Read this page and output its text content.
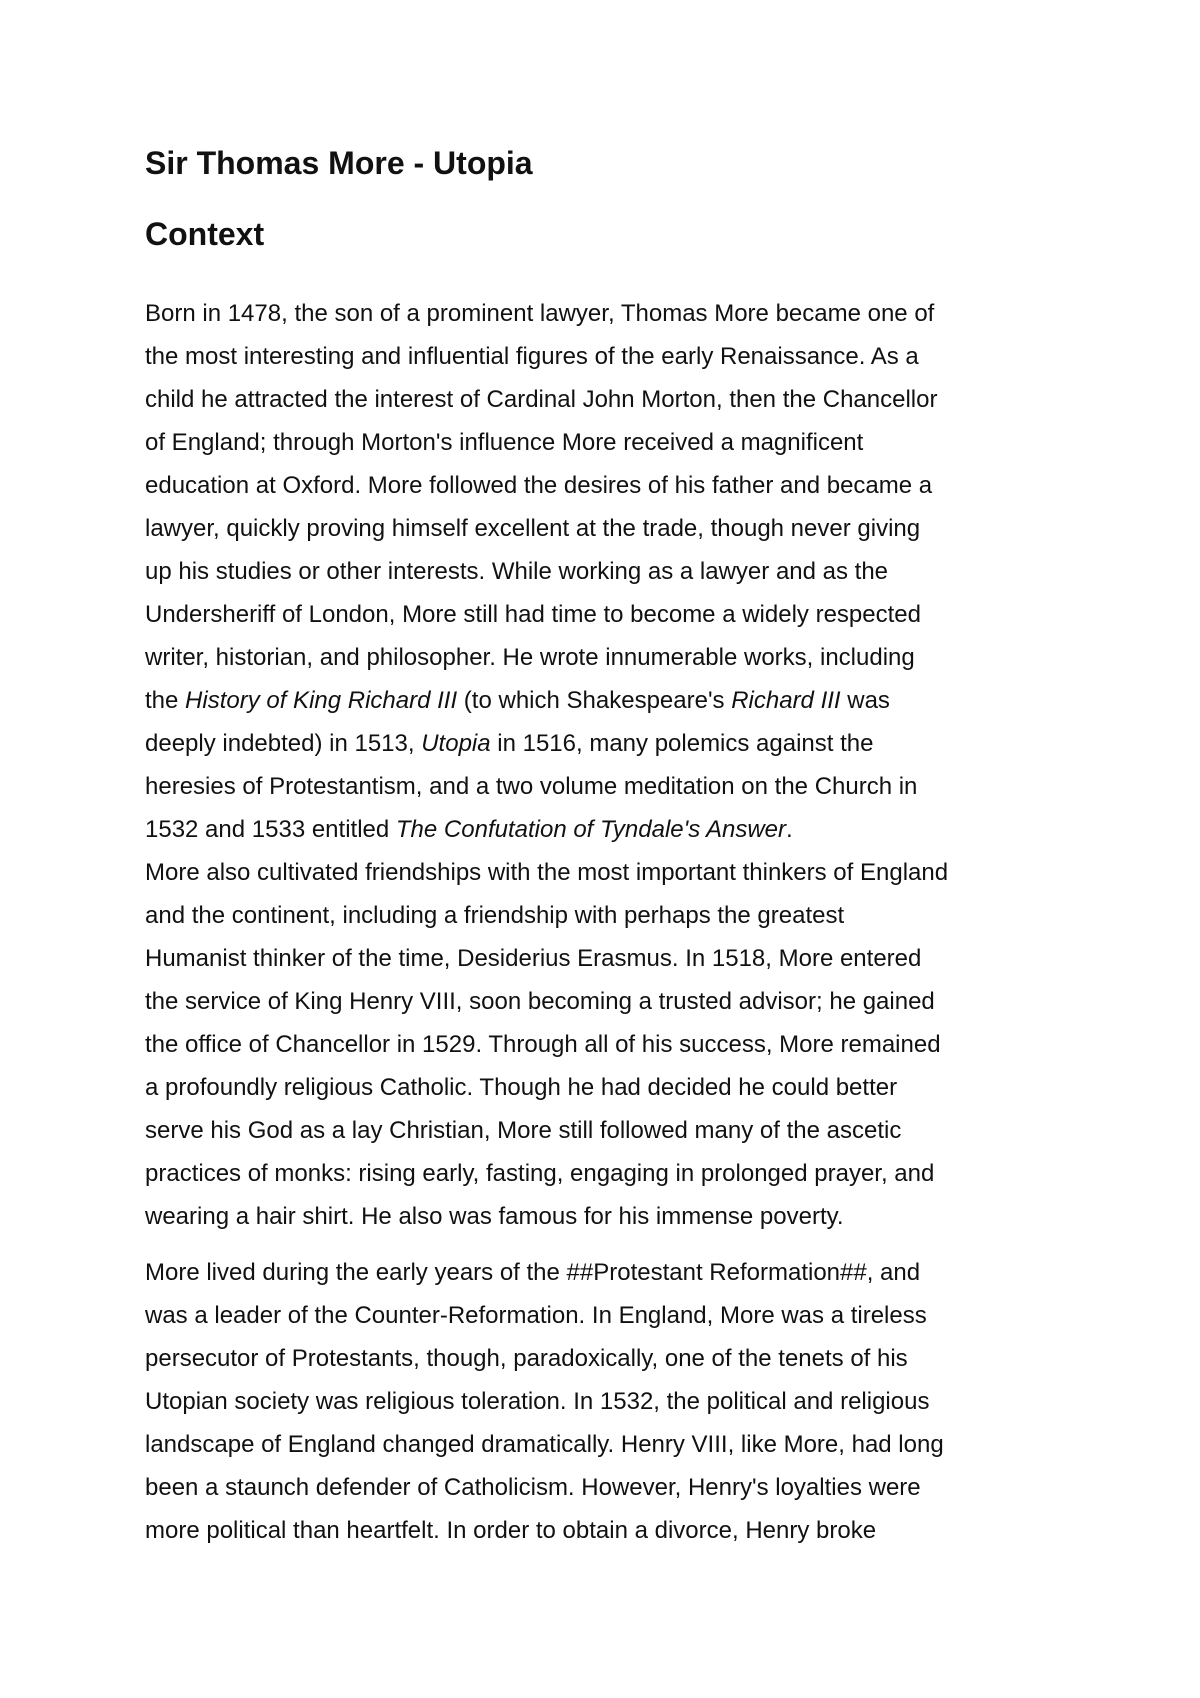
Sir Thomas More - Utopia
Context
Born in 1478, the son of a prominent lawyer, Thomas More became one of
the most interesting and influential figures of the early Renaissance. As a
child he attracted the interest of Cardinal John Morton, then the Chancellor
of England; through Morton's influence More received a magnificent
education at Oxford. More followed the desires of his father and became a
lawyer, quickly proving himself excellent at the trade, though never giving
up his studies or other interests. While working as a lawyer and as the
Undersheriff of London, More still had time to become a widely respected
writer, historian, and philosopher. He wrote innumerable works, including
the History of King Richard III (to which Shakespeare's Richard III was
deeply indebted) in 1513, Utopia in 1516, many polemics against the
heresies of Protestantism, and a two volume meditation on the Church in
1532 and 1533 entitled The Confutation of Tyndale's Answer.
More also cultivated friendships with the most important thinkers of England
and the continent, including a friendship with perhaps the greatest
Humanist thinker of the time, Desiderius Erasmus. In 1518, More entered
the service of King Henry VIII, soon becoming a trusted advisor; he gained
the office of Chancellor in 1529. Through all of his success, More remained
a profoundly religious Catholic. Though he had decided he could better
serve his God as a lay Christian, More still followed many of the ascetic
practices of monks: rising early, fasting, engaging in prolonged prayer, and
wearing a hair shirt. He also was famous for his immense poverty.
More lived during the early years of the ##Protestant Reformation##, and
was a leader of the Counter-Reformation. In England, More was a tireless
persecutor of Protestants, though, paradoxically, one of the tenets of his
Utopian society was religious toleration. In 1532, the political and religious
landscape of England changed dramatically. Henry VIII, like More, had long
been a staunch defender of Catholicism. However, Henry's loyalties were
more political than heartfelt. In order to obtain a divorce, Henry broke
